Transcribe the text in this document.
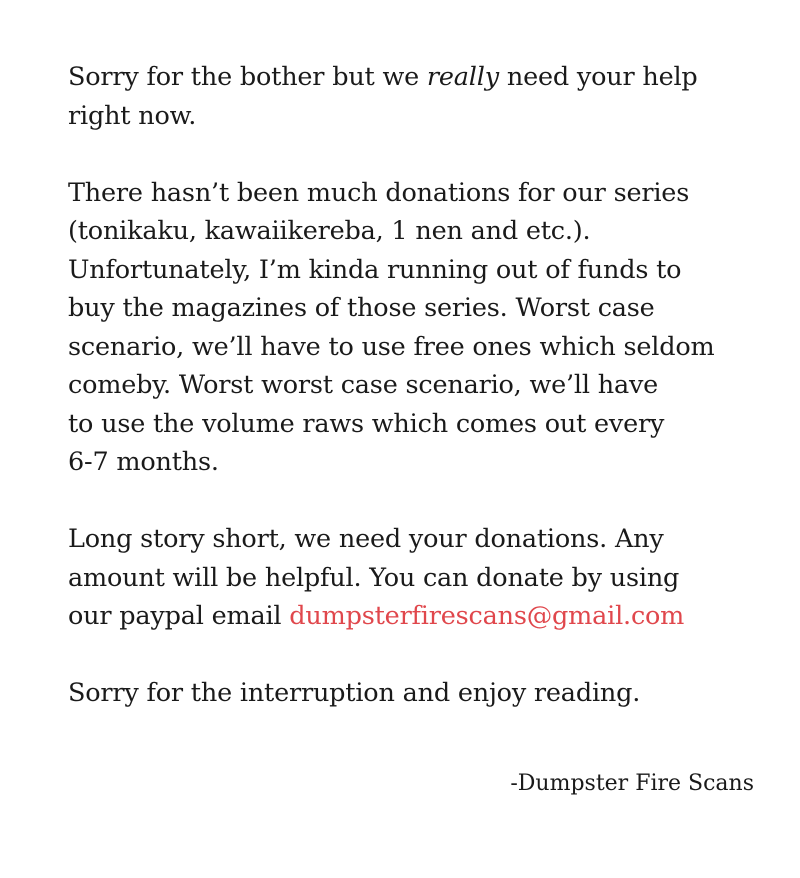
Sorry for the bother but we really need your help
right now.

There hasn’t been much donations for our series
(tonikaku, kawaiikereba, 1 nen and etc.).
Unfortunately, I’m kinda running out of funds to
buy the magazines of those series. Worst case
scenario, we’ll have to use free ones which seldom
comeby. Worst worst case scenario, we’ll have
to use the volume raws which comes out every
6-7 months.

Long story short, we need your donations. Any
amount will be helpful. You can donate by using
our paypal email dumpsterfirescans@gmail.com

Sorry for the interruption and enjoy reading.

-Dumpster Fire Scans
